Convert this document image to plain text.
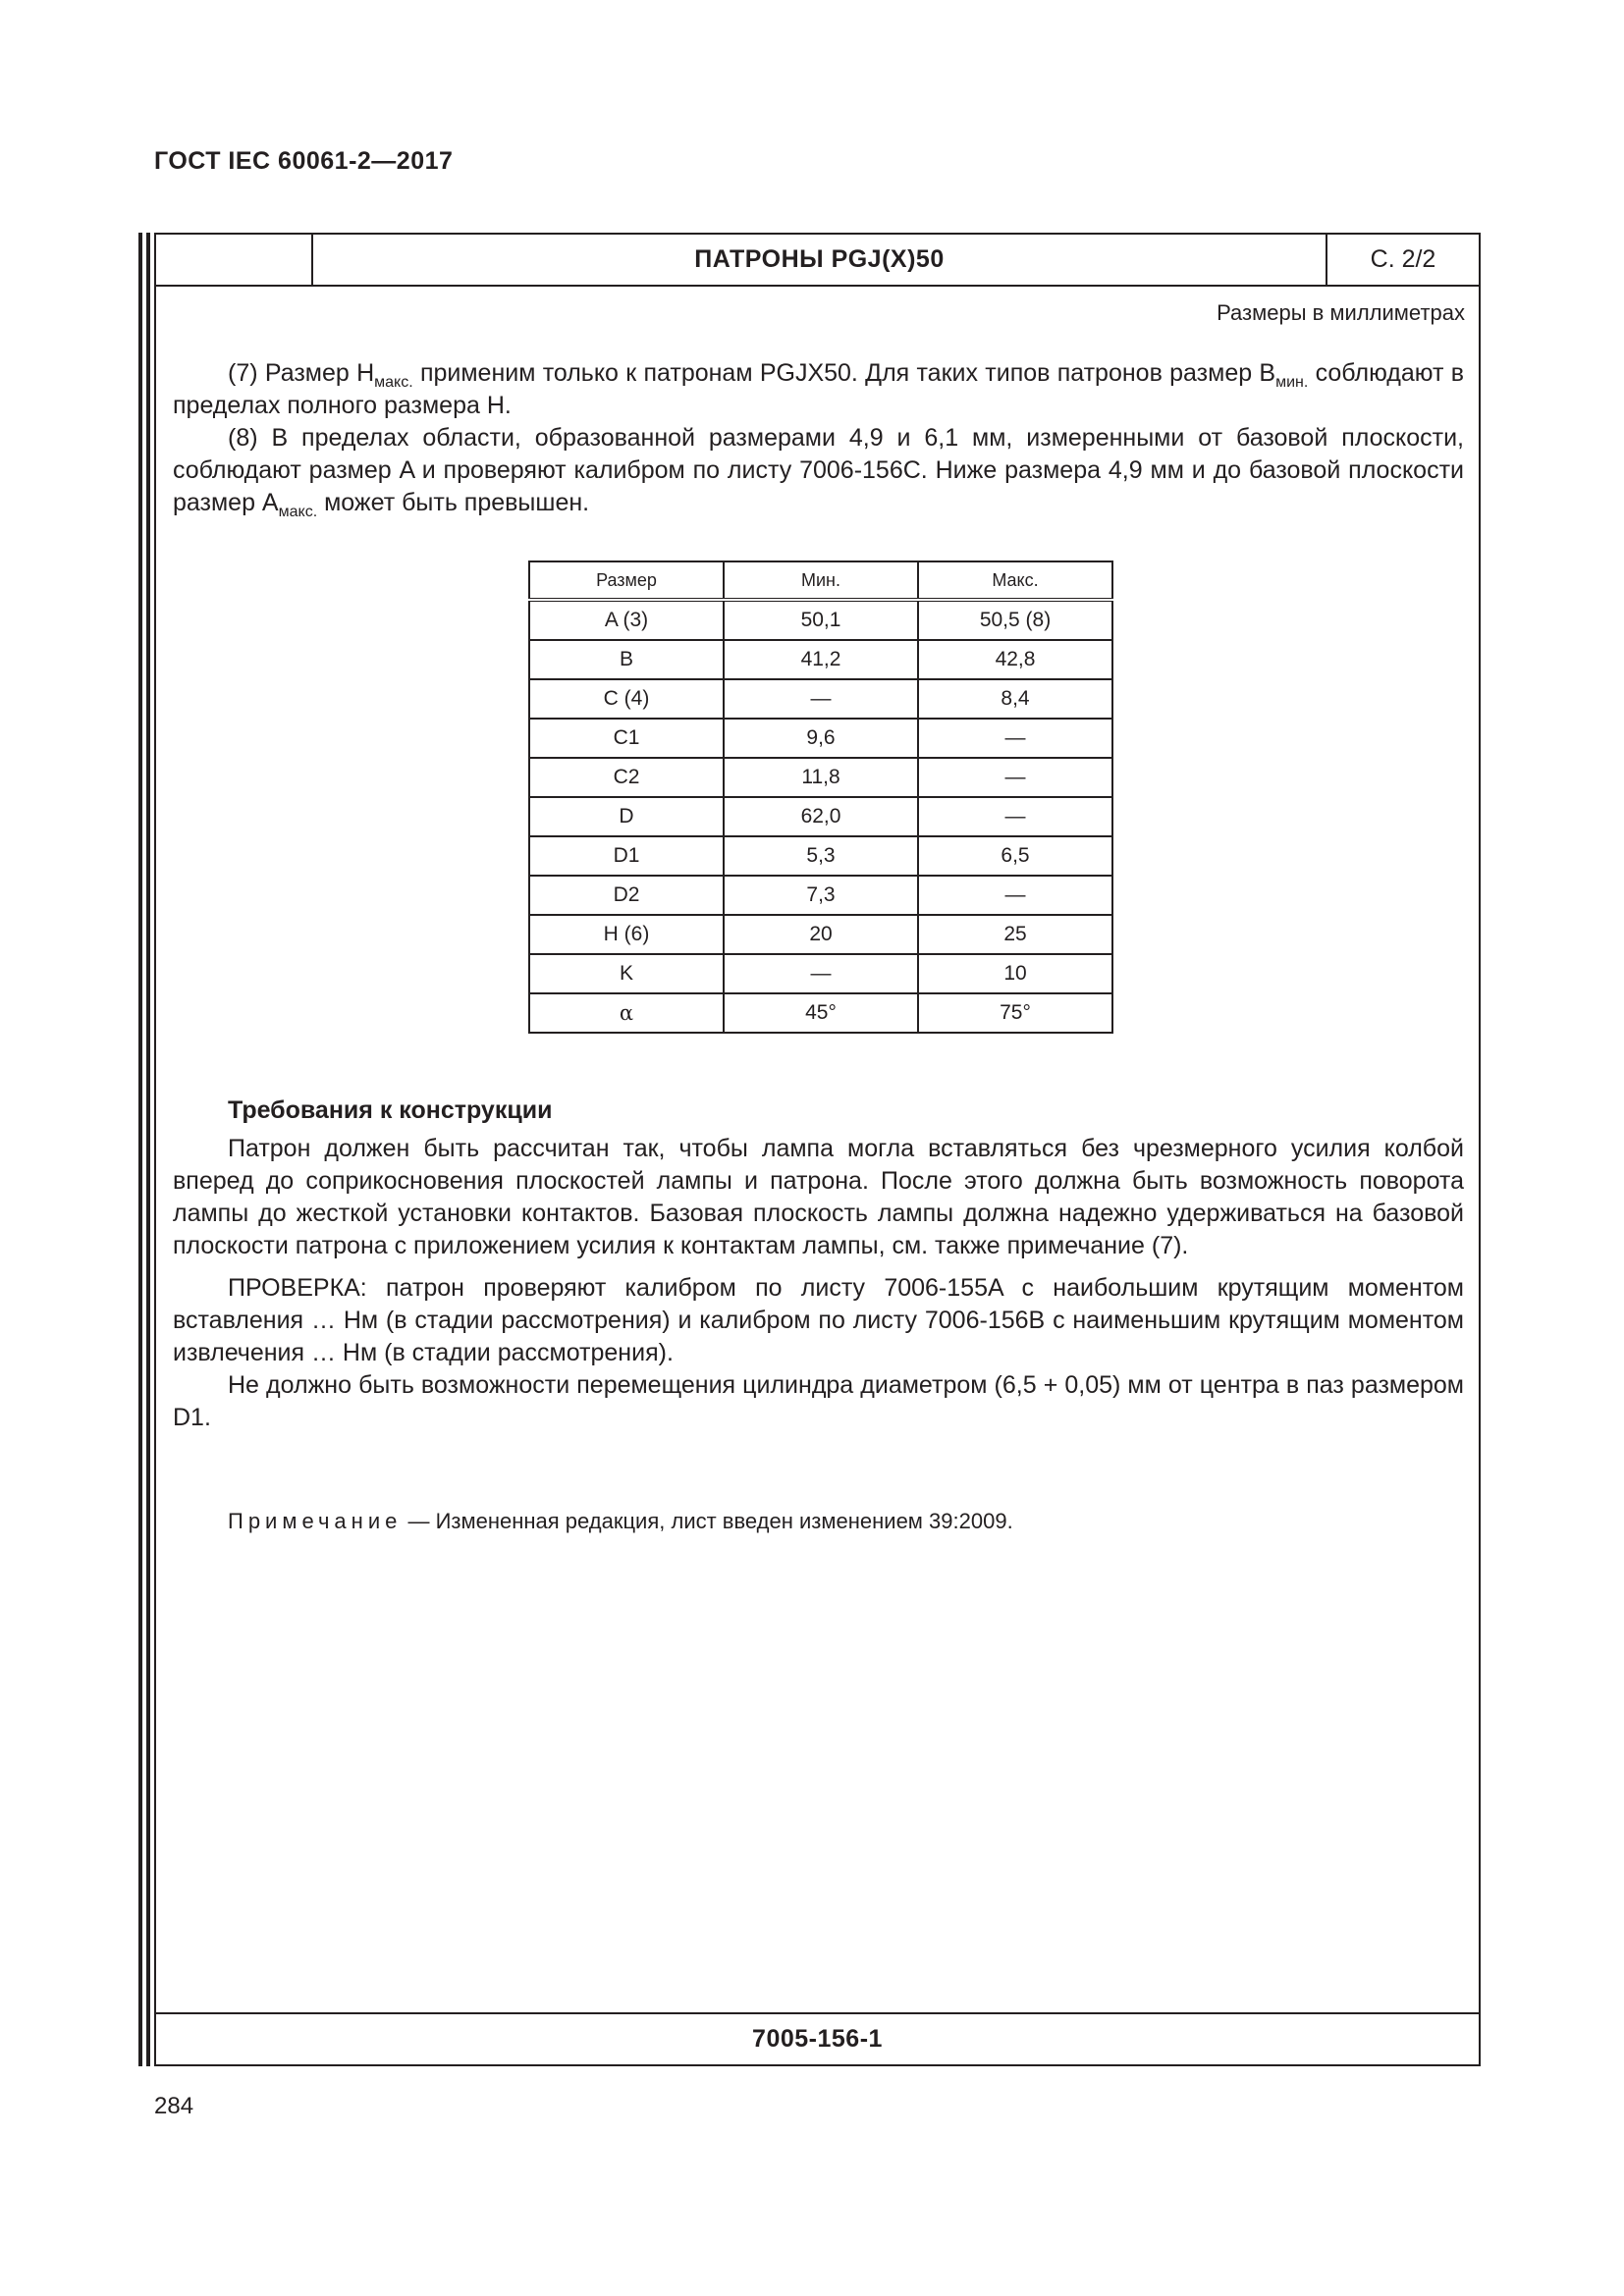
ГОСТ IEC 60061-2—2017
ПАТРОНЫ PGJ(X)50	С. 2/2
Размеры в миллиметрах

(7) Размер $H_{макс.}$ применим только к патронам PGJX50. Для таких типов патронов размер $B_{мин.}$ соблюдают в пределах полного размера H.

(8) В пределах области, образованной размерами 4,9 и 6,1 мм, измеренными от базовой плоскости, соблюдают размер A и проверяют калибром по листу 7006-156C. Ниже размера 4,9 мм и до базовой плоскости размер $A_{макс.}$ может быть превышен.

Размер	Мин.	Макс.
A (3)	50,1	50,5 (8)
B	41,2	42,8
C (4)	—	8,4
C1	9,6	—
C2	11,8	—
D	62,0	—
D1	5,3	6,5
D2	7,3	—
H (6)	20	25
K	—	10
α	45°	75°
Требования к конструкции

Патрон должен быть рассчитан так, чтобы лампа могла вставляться без чрезмерного усилия колбой вперед до соприкосновения плоскостей лампы и патрона. После этого должна быть возможность поворота лампы до жесткой установки контактов. Базовая плоскость лампы должна надежно удерживаться на базовой плоскости патрона с приложением усилия к контактам лампы, см. также примечание (7).

ПРОВЕРКА: патрон проверяют калибром по листу 7006-155A с наибольшим крутящим моментом вставления … Нм (в стадии рассмотрения) и калибром по листу 7006-156B с наименьшим крутящим моментом извлечения … Нм (в стадии рассмотрения).

Не должно быть возможности перемещения цилиндра диаметром (6,5 + 0,05) мм от центра в паз размером D1.

Примечание — Измененная редакция, лист введен изменением 39:2009.
7005-156-1
284
